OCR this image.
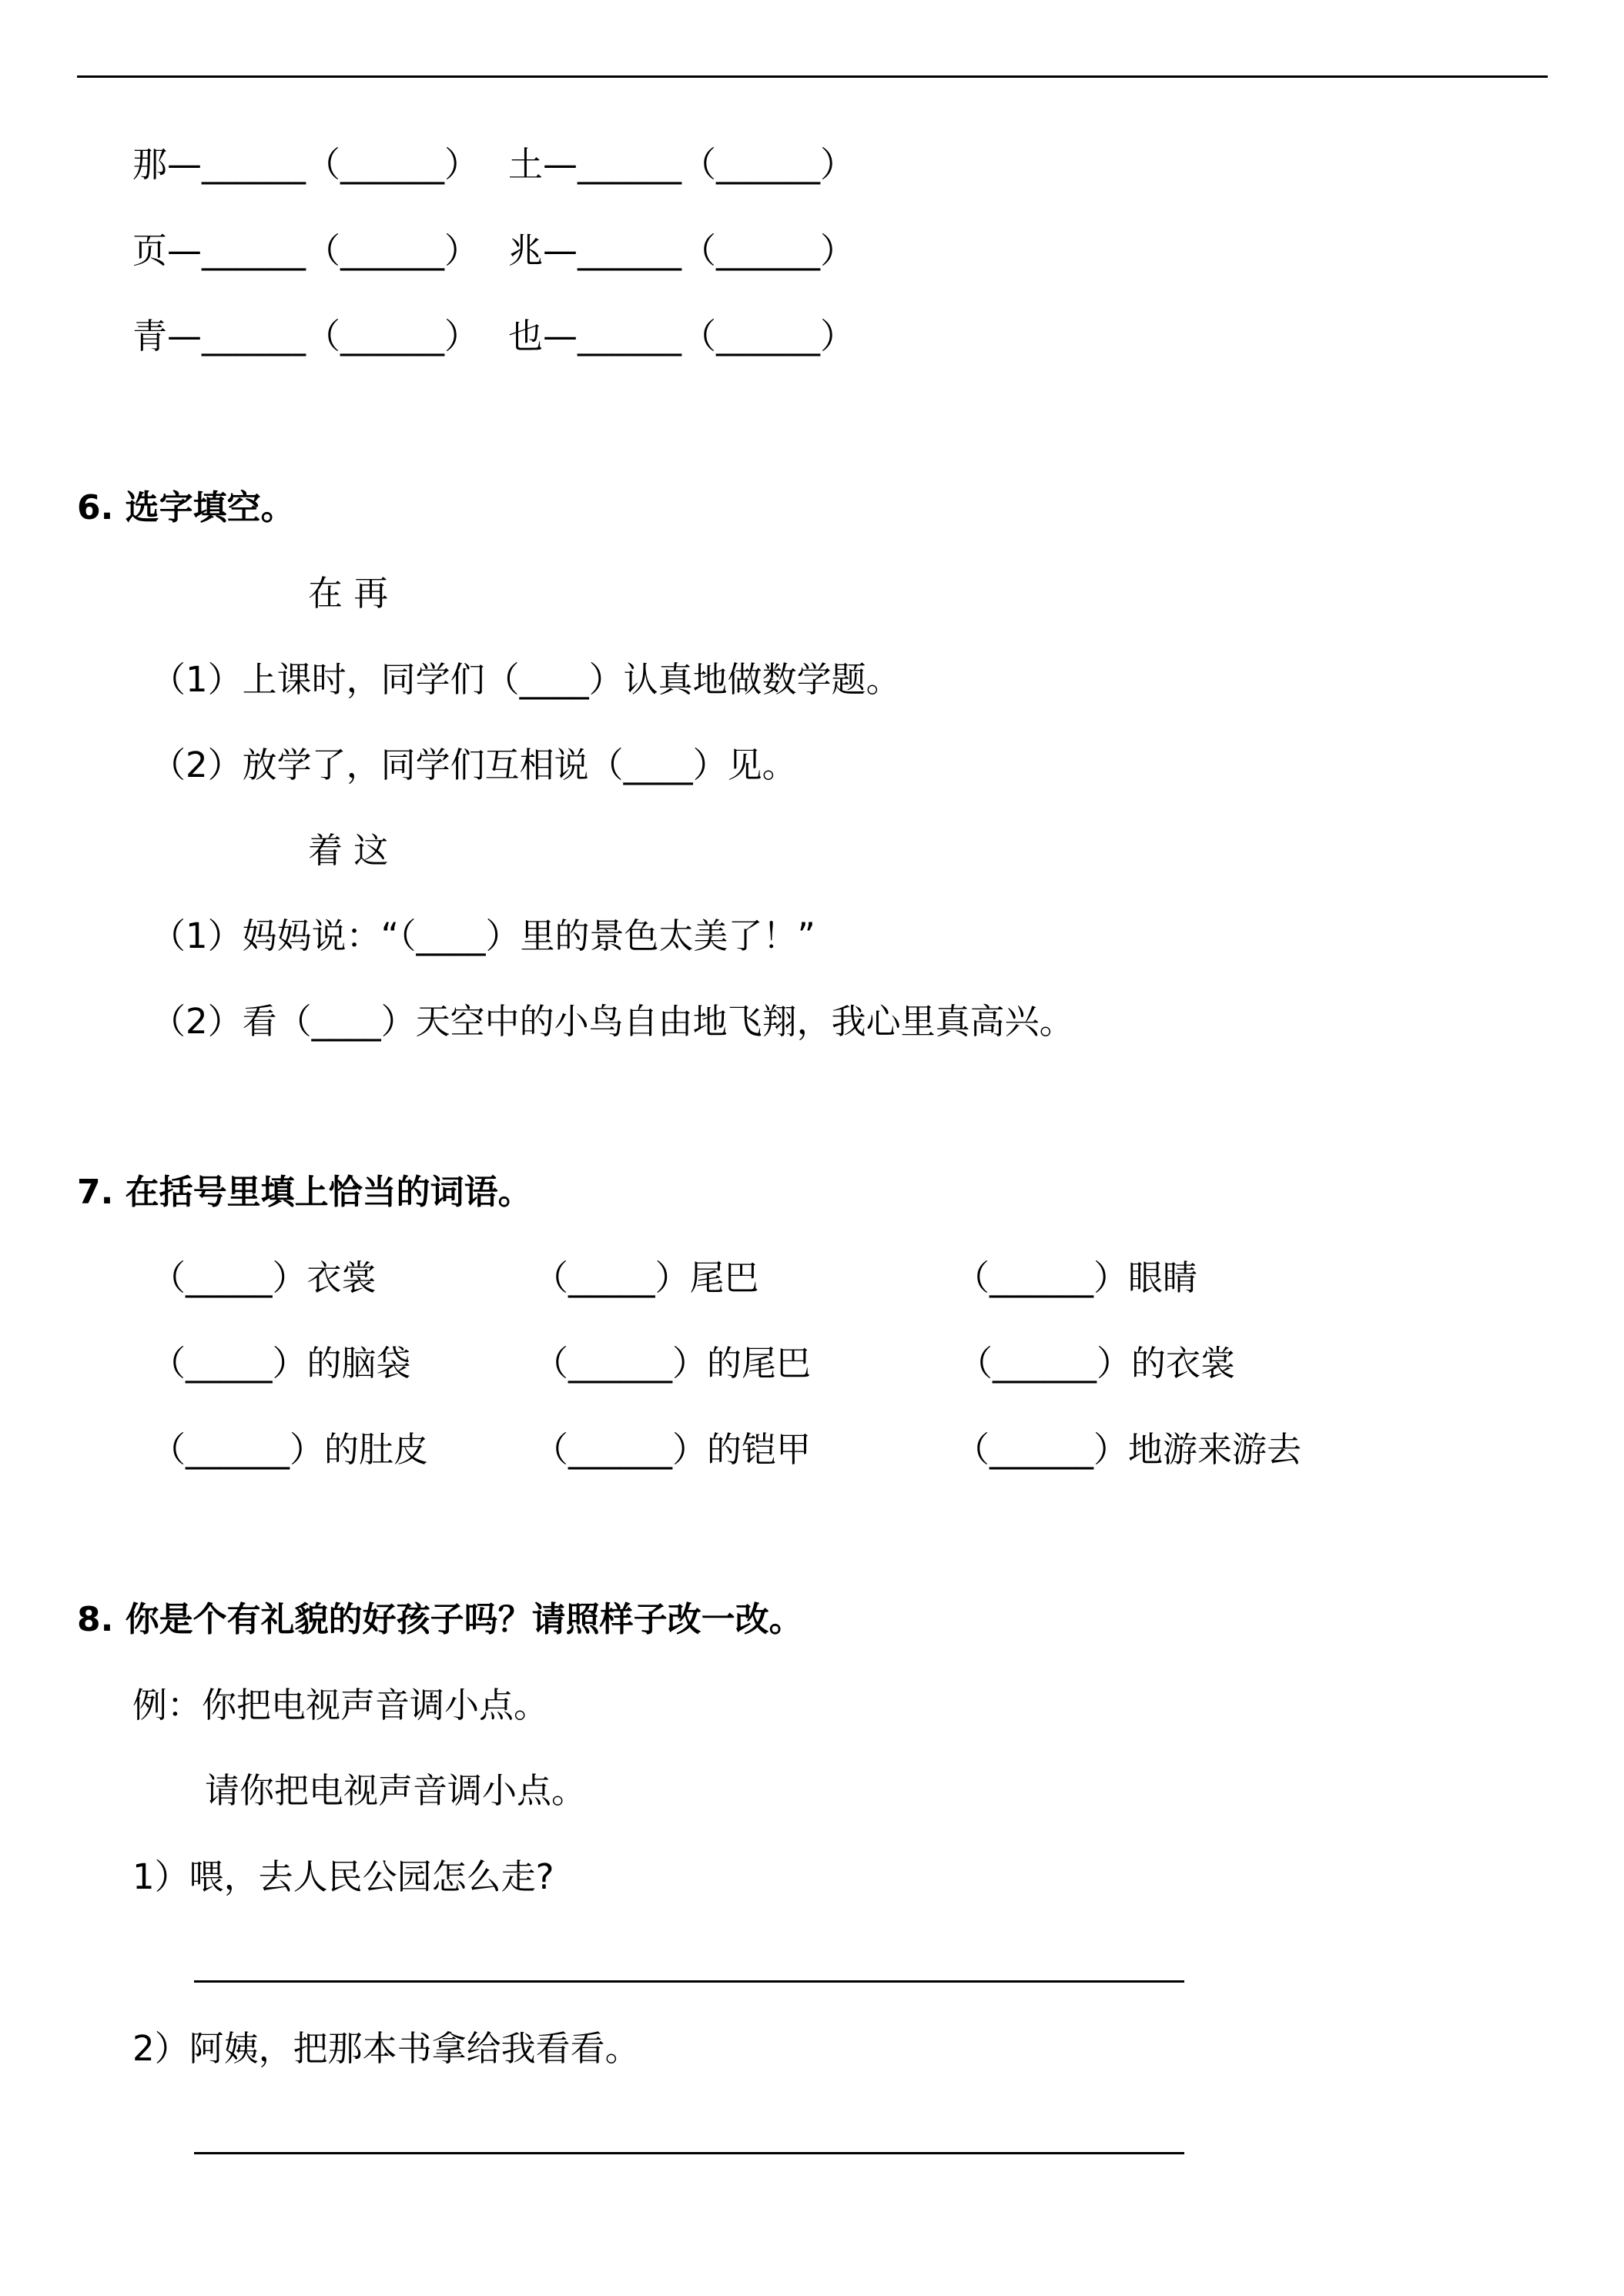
那—______（______） 土—______（______）
页—______（______） 兆—______（______）
青—______（______） 也—______（______）
6. 选字填空。
在 再
（1）上课时，同学们（____）认真地做数学题。
（2）放学了，同学们互相说（____）见。
着 这
（1）妈妈说：“（____）里的景色太美了！”
（2）看（____）天空中的小鸟自由地飞翔，我心里真高兴。
7. 在括号里填上恰当的词语。
（_____）衣裳	（_____）尾巴	（______）眼睛
（_____）的脑袋	（______）的尾巴	（______）的衣裳
（______）的肚皮	（______）的铠甲	（______）地游来游去
8. 你是个有礼貌的好孩子吗？请照样子改一改。
例：你把电视声音调小点。
请你把电视声音调小点。
1）喂，去人民公园怎么走?
2）阿姨，把那本书拿给我看看。
